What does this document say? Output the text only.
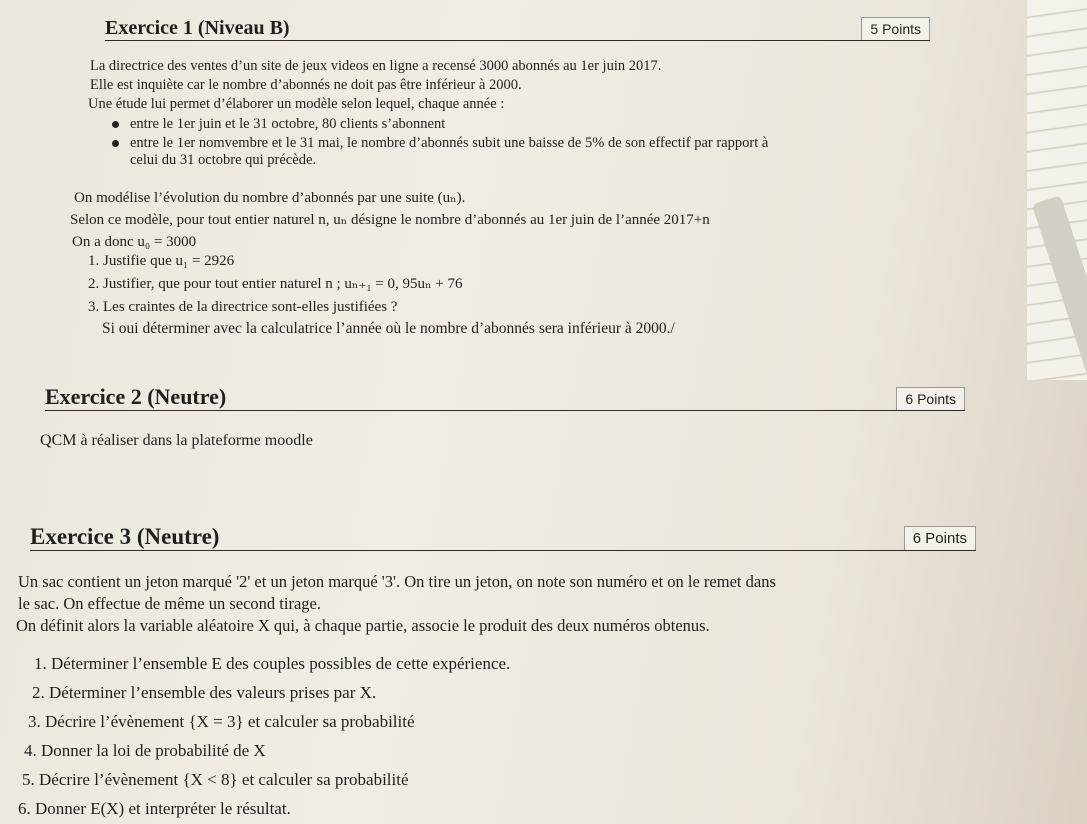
Exercice 1 (Niveau B)	5 Points
La directrice des ventes d’un site de jeux videos en ligne a recensé 3000 abonnés au 1er juin 2017.
Elle est inquiète car le nombre d’abonnés ne doit pas être inférieur à 2000.
Une étude lui permet d’élaborer un modèle selon lequel, chaque année :
entre le 1er juin et le 31 octobre, 80 clients s’abonnent
entre le 1er nomvembre et le 31 mai, le nombre d’abonnés subit une baisse de 5% de son effectif par rapport à
celui du 31 octobre qui précède.
On modélise l’évolution du nombre d’abonnés par une suite (uₙ).
Selon ce modèle, pour tout entier naturel n, uₙ désigne le nombre d’abonnés au 1er juin de l’année 2017+n
On a donc u₀ = 3000
1. Justifie que u₁ = 2926
2. Justifier, que pour tout entier naturel n ; uₙ₊₁ = 0, 95uₙ + 76
3. Les craintes de la directrice sont-elles justifiées ?
Si oui déterminer avec la calculatrice l’année où le nombre d’abonnés sera inférieur à 2000./
Exercice 2 (Neutre)	6 Points
QCM à réaliser dans la plateforme moodle
Exercice 3 (Neutre)	6 Points
Un sac contient un jeton marqué '2' et un jeton marqué '3'. On tire un jeton, on note son numéro et on le remet dans
le sac. On effectue de même un second tirage.
On définit alors la variable aléatoire X qui, à chaque partie, associe le produit des deux numéros obtenus.
1. Déterminer l’ensemble E des couples possibles de cette expérience.
2. Déterminer l’ensemble des valeurs prises par X.
3. Décrire l’évènement {X = 3} et calculer sa probabilité
4. Donner la loi de probabilité de X
5. Décrire l’évènement {X < 8} et calculer sa probabilité
6. Donner E(X) et interpréter le résultat.
